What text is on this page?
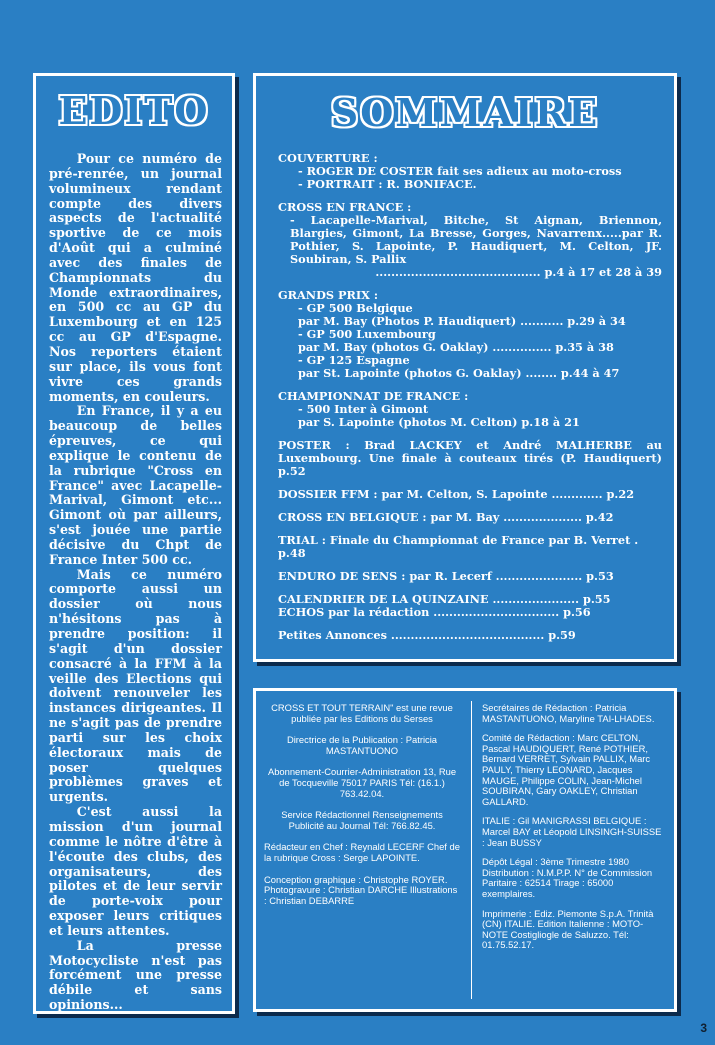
EDITO

Pour ce numéro de pré-renrée, un journal volumineux rendant compte des divers aspects de l'actualité sportive de ce mois d'Août qui a culminé avec des finales de Championnats du Monde extraordinaires, en 500 cc au GP du Luxembourg et en 125 cc au GP d'Espagne. Nos reporters étaient sur place, ils vous font vivre ces grands moments, en couleurs.

En France, il y a eu beaucoup de belles épreuves, ce qui explique le contenu de la rubrique "Cross en France" avec Lacapelle-Marival, Gimont etc... Gimont où par ailleurs, s'est jouée une partie décisive du Chpt de France Inter 500 cc.

Mais ce numéro comporte aussi un dossier où nous n'hésitons pas à prendre position: il s'agit d'un dossier consacré à la FFM à la veille des Elections qui doivent renouveler les instances dirigeantes. Il ne s'agit pas de prendre parti sur les choix électoraux mais de poser quelques problèmes graves et urgents.

C'est aussi la mission d'un journal comme le nôtre d'être à l'écoute des clubs, des organisateurs, des pilotes et de leur servir de porte-voix pour exposer leurs critiques et leurs attentes.

La presse Motocycliste n'est pas forcément une presse débile et sans opinions...

SOMMAIRE
COUVERTURE :
- ROGER DE COSTER fait ses adieux au moto-cross
- PORTRAIT : R. BONIFACE.
CROSS EN FRANCE :
- Lacapelle-Marival, Bitche, St Aignan, Briennon, Blargies, Gimont, La Bresse, Gorges, Navarrenx.....par R. Pothier, S. Lapointe, P. Haudiquert, M. Celton, JF. Soubiran, S. Pallix
.......................................... p.4 à 17 et 28 à 39
GRANDS PRIX :
- GP 500 Belgique
par M. Bay (Photos P. Haudiquert) ........... p.29 à 34
- GP 500 Luxembourg
par M. Bay (photos G. Oaklay) ............... p.35 à 38
- GP 125 Espagne
par St. Lapointe (photos G. Oaklay) ........ p.44 à 47
CHAMPIONNAT DE FRANCE :
- 500 Inter à Gimont
par S. Lapointe (photos M. Celton) p.18 à 21
POSTER : Brad LACKEY et André MALHERBE au Luxembourg. Une finale à couteaux tirés (P. Haudiquert) p.52
DOSSIER FFM : par M. Celton, S. Lapointe ............. p.22
CROSS EN BELGIQUE : par M. Bay .................... p.42
TRIAL : Finale du Championnat de France par B. Verret . p.48
ENDURO DE SENS : par R. Lecerf ...................... p.53
CALENDRIER DE LA QUINZAINE ...................... p.55
ECHOS par la rédaction ................................ p.56
Petites Annonces ....................................... p.59
CROSS ET TOUT TERRAIN" est une revue publiée par les Editions du Serses
Directrice de la Publication : Patricia MASTANTUONO
Abonnement-Courrier-Administration 13, Rue de Tocqueville 75017 PARIS Tél: (16.1.) 763.42.04.
Service Rédactionnel Renseignements Publicité au Journal Tél: 766.82.45.
Rédacteur en Chef : Reynald LECERF Chef de la rubrique Cross : Serge LAPOINTE.
Conception graphique : Christophe ROYER. Photogravure : Christian DARCHE Illustrations : Christian DEBARRE
Secrétaires de Rédaction : Patricia MASTANTUONO, Maryline TAI-LHADES.
Comité de Rédaction : Marc CELTON, Pascal HAUDIQUERT, René POTHIER, Bernard VERRET, Sylvain PALLIX, Marc PAULY, Thierry LEONARD, Jacques MAUGE, Philippe COLIN, Jean-Michel SOUBIRAN, Gary OAKLEY, Christian GALLARD.
ITALIE : Gil MANIGRASSI BELGIQUE : Marcel BAY et Léopold LINSINGH-SUISSE : Jean BUSSY
Dépôt Légal : 3ème Trimestre 1980 Distribution : N.M.P.P. N° de Commission Paritaire : 62514 Tirage : 65000 exemplaires.
Imprimerie : Ediz. Piemonte S.p.A. Trinità (CN) ITALIE. Edition Italienne : MOTO-NOTE Costigliogle de Saluzzo. Tél: 01.75.52.17.
3
